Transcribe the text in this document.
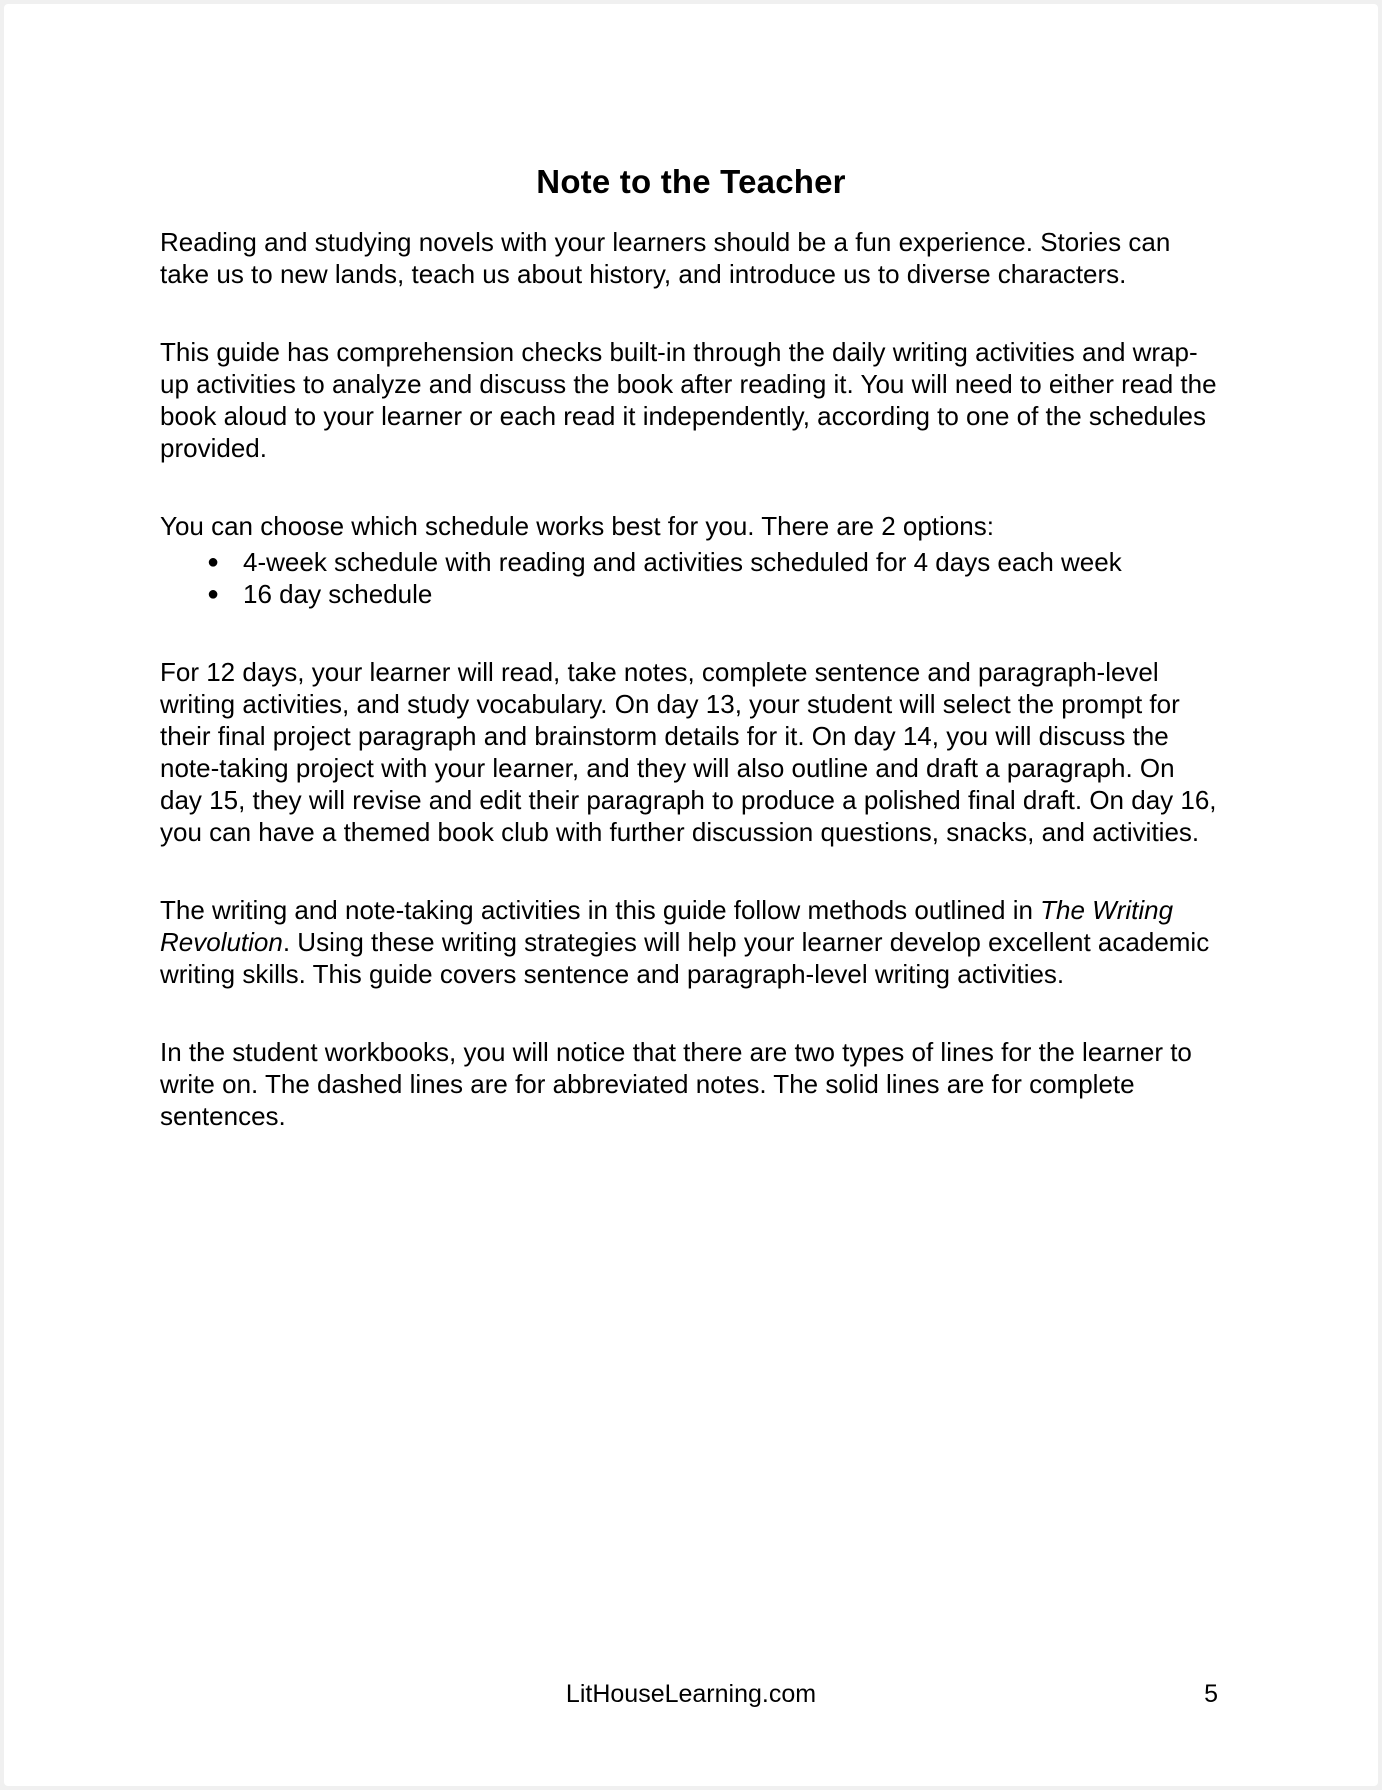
Note to the Teacher

Reading and studying novels with your learners should be a fun experience. Stories can take us to new lands, teach us about history, and introduce us to diverse characters.

This guide has comprehension checks built-in through the daily writing activities and wrap-up activities to analyze and discuss the book after reading it. You will need to either read the book aloud to your learner or each read it independently, according to one of the schedules provided.

You can choose which schedule works best for you. There are 2 options:

● 4-week schedule with reading and activities scheduled for 4 days each week
● 16 day schedule

For 12 days, your learner will read, take notes, complete sentence and paragraph-level writing activities, and study vocabulary. On day 13, your student will select the prompt for their final project paragraph and brainstorm details for it. On day 14, you will discuss the note-taking project with your learner, and they will also outline and draft a paragraph. On day 15, they will revise and edit their paragraph to produce a polished final draft. On day 16, you can have a themed book club with further discussion questions, snacks, and activities.

The writing and note-taking activities in this guide follow methods outlined in The Writing Revolution. Using these writing strategies will help your learner develop excellent academic writing skills. This guide covers sentence and paragraph-level writing activities.

In the student workbooks, you will notice that there are two types of lines for the learner to write on. The dashed lines are for abbreviated notes. The solid lines are for complete sentences.

LitHouseLearning.com	5
